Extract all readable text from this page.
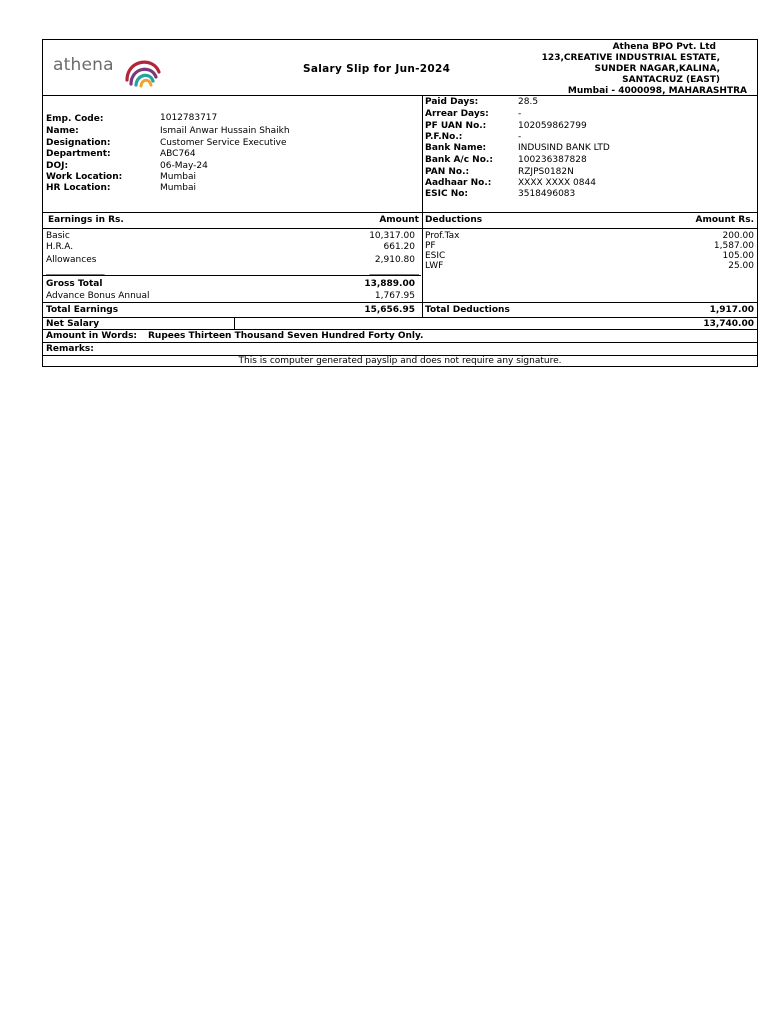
athena	Salary Slip for Jun-2024
Athena BPO Pvt. Ltd
123,CREATIVE INDUSTRIAL ESTATE,
SUNDER NAGAR,KALINA,
SANTACRUZ (EAST)
Mumbai - 4000098, MAHARASHTRA
Emp. Code:	1012783717
Name:	Ismail Anwar Hussain Shaikh
Designation:	Customer Service Executive
Department:	ABC764
DOJ:	06-May-24
Work Location:	Mumbai
HR Location:	Mumbai
Paid Days:	28.5
Arrear Days:	-
PF UAN No.:	102059862799
P.F.No.:	-
Bank Name:	INDUSIND BANK LTD
Bank A/c No.:	100236387828
PAN No.:	RZJPS0182N
Aadhaar No.:	XXXX XXXX 0844
ESIC No:	3518496083
Earnings in Rs.	Amount Deductions	Amount Rs.
Basic	10,317.00
H.R.A.	661.20
Allowances	2,910.80
_____________	___________
Gross Total	13,889.00
Advance Bonus Annual	1,767.95
Prof.Tax	200.00
PF	1,587.00
ESIC	105.00
LWF	25.00
Total Earnings	15,656.95 Total Deductions	1,917.00
Net Salary	13,740.00
Amount in Words: Rupees Thirteen Thousand Seven Hundred Forty Only.
Remarks:
This is computer generated payslip and does not require any signature.
